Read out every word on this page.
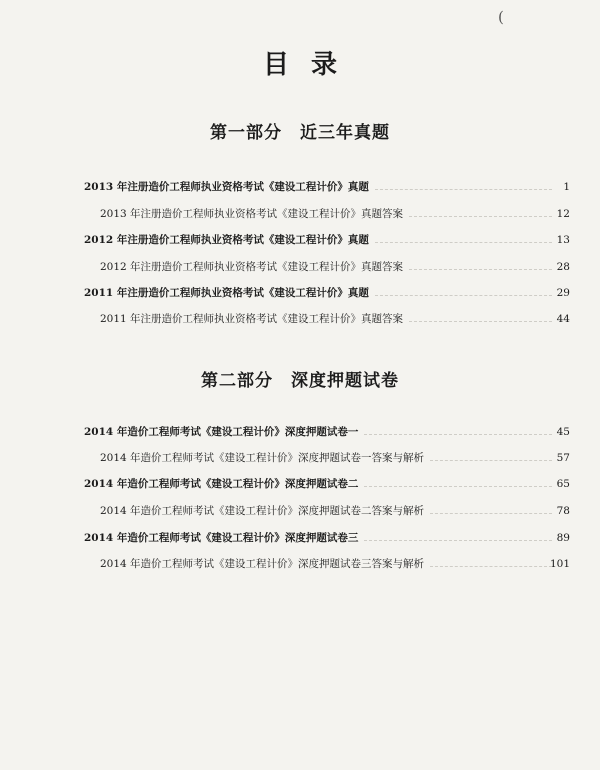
(
目录
第一部分 近三年真题
2013 年注册造价工程师执业资格考试《建设工程计价》真题	1
2013 年注册造价工程师执业资格考试《建设工程计价》真题答案	12
2012 年注册造价工程师执业资格考试《建设工程计价》真题	13
2012 年注册造价工程师执业资格考试《建设工程计价》真题答案	28
2011 年注册造价工程师执业资格考试《建设工程计价》真题	29
2011 年注册造价工程师执业资格考试《建设工程计价》真题答案	44
第二部分 深度押题试卷
2014 年造价工程师考试《建设工程计价》深度押题试卷一	45
2014 年造价工程师考试《建设工程计价》深度押题试卷一答案与解析	57
2014 年造价工程师考试《建设工程计价》深度押题试卷二	65
2014 年造价工程师考试《建设工程计价》深度押题试卷二答案与解析	78
2014 年造价工程师考试《建设工程计价》深度押题试卷三	89
2014 年造价工程师考试《建设工程计价》深度押题试卷三答案与解析	101
